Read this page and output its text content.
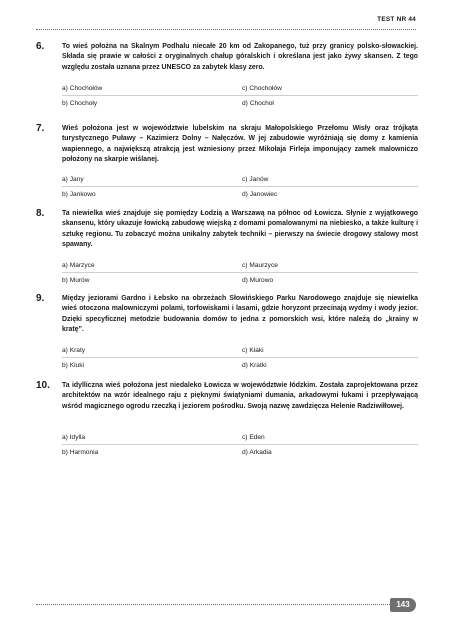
TEST NR 44
6.	To wieś położna na Skalnym Podhalu niecałe 20 km od Zakopanego, tuż przy granicy polsko-słowackiej. Składa się prawie w całości z oryginalnych chałup góralskich i określana jest jako żywy skansen. Z tego względu została uznana przez UNESCO za zabytek klasy zero.

a) Chochołów	c) Chochołów
b) Chochoły	d) Chochoł
7.	Wieś położona jest w województwie lubelskim na skraju Małopolskiego Przełomu Wisły oraz trójkąta turystycznego Puławy – Kazimierz Dolny – Nałęczów. W jej zabudowie wyróżniają się domy z kamienia wapiennego, a największą atrakcją jest wzniesiony przez Mikołaja Firleja imponujący zamek malowniczo położony na skarpie wiślanej.

a) Jany	c) Janów
b) Jankowo	d) Janowiec
8.	Ta niewielka wieś znajduje się pomiędzy Łodzią a Warszawą na północ od Łowicza. Słynie z wyjątkowego skansenu, który ukazuje łowicką zabudowę wiejską z domami pomalowanymi na niebiesko, a także kulturę i sztukę regionu. Tu zobaczyć można unikalny zabytek techniki – pierwszy na świecie drogowy stalowy most spawany.

a) Marzyce	c) Maurzyce
b) Murów	d) Murowo
9.	Między jeziorami Gardno i Łebsko na obrzeżach Słowińskiego Parku Narodowego znajduje się niewielka wieś otoczona malowniczymi polami, torfowiskami i lasami, gdzie horyzont przecinają wydmy i wody jezior. Dzięki specyficznej metodzie budowania domów to jedna z pomorskich wsi, które należą do „krainy w kratę”.

a) Kraty	c) Kłaki
b) Kluki	d) Kratki
10. Ta idylliczna wieś położona jest niedaleko Łowicza w województwie łódzkim. Została zaprojektowana przez architektów na wzór idealnego raju z pięknymi świątyniami dumania, arkadowymi łukami i przepływającą wśród magicznego ogrodu rzeczką i jeziorem pośrodku. Swoją nazwę zawdzięcza Helenie Radziwiłłowej.

a) Idylla	c) Eden
b) Harmonia	d) Arkadia
143
